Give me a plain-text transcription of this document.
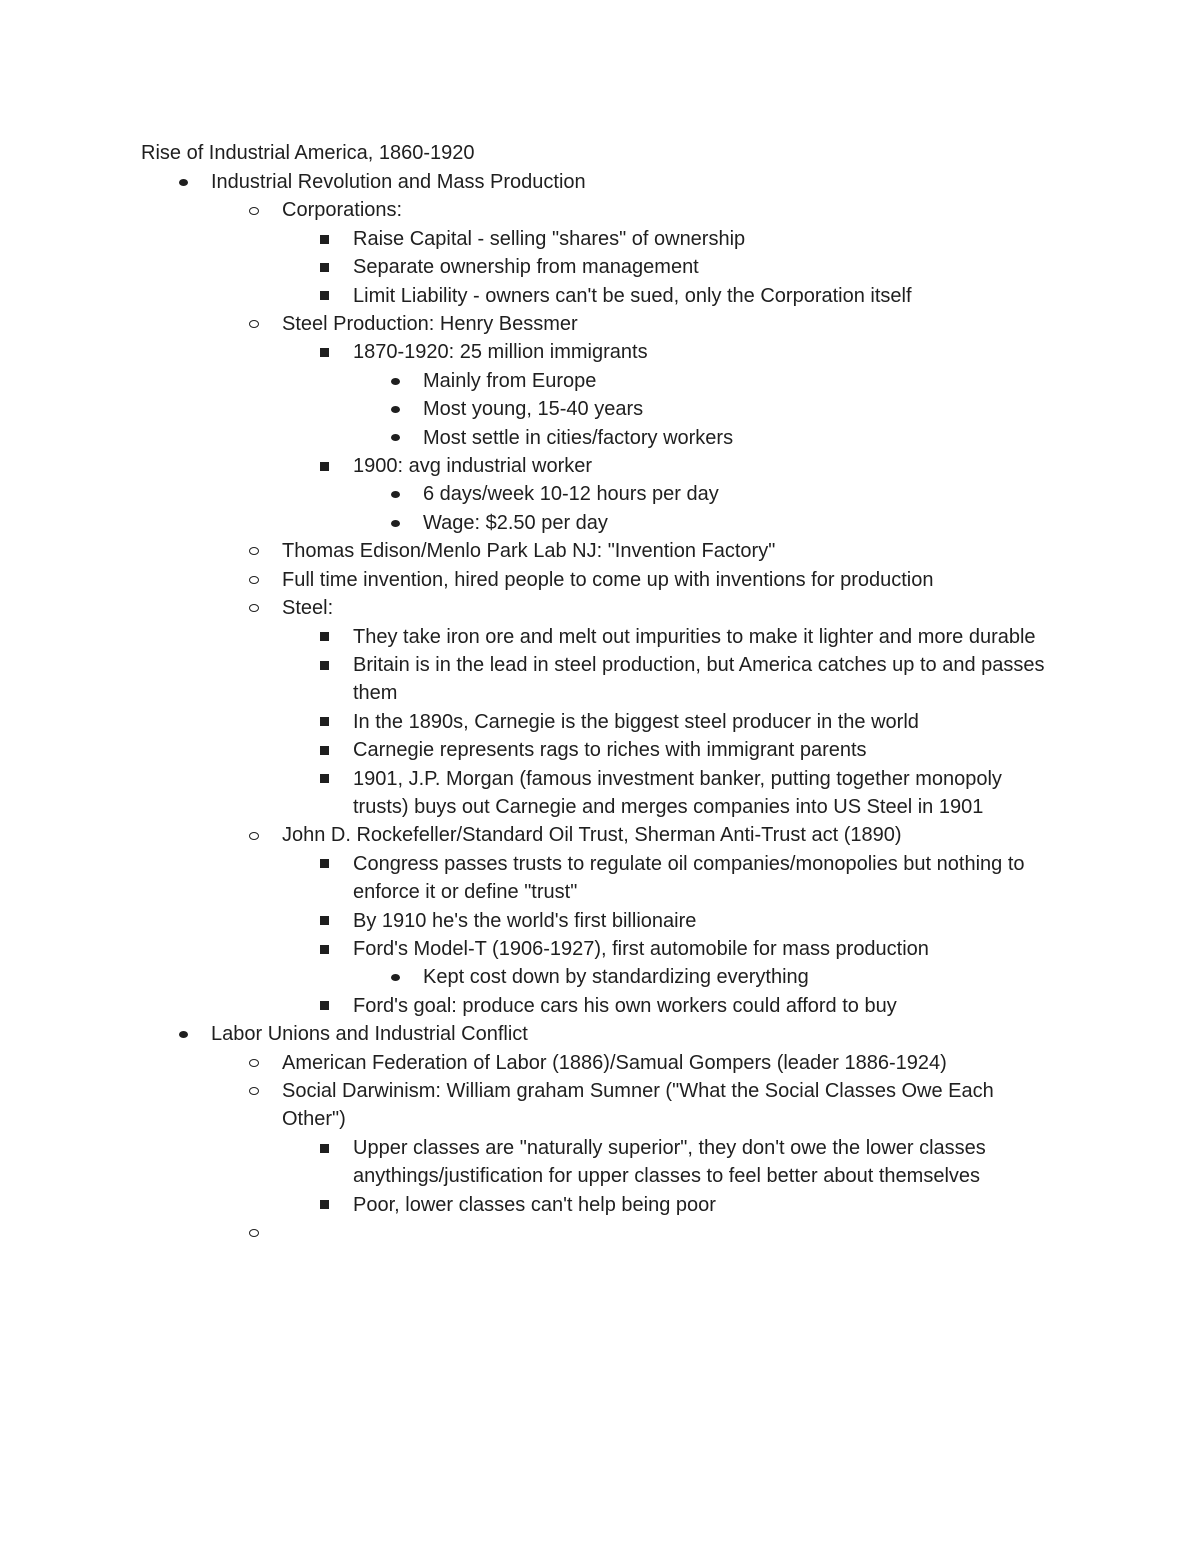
Rise of Industrial America, 1860-1920
Industrial Revolution and Mass Production
Corporations:
Raise Capital - selling "shares" of ownership
Separate ownership from management
Limit Liability - owners can't be sued, only the Corporation itself
Steel Production: Henry Bessmer
1870-1920: 25 million immigrants
Mainly from Europe
Most young, 15-40 years
Most settle in cities/factory workers
1900: avg industrial worker
6 days/week 10-12 hours per day
Wage: $2.50 per day
Thomas Edison/Menlo Park Lab NJ: "Invention Factory"
Full time invention, hired people to come up with inventions for production
Steel:
They take iron ore and melt out impurities to make it lighter and more durable
Britain is in the lead in steel production, but America catches up to and passes them
In the 1890s, Carnegie is the biggest steel producer in the world
Carnegie represents rags to riches with immigrant parents
1901, J.P. Morgan (famous investment banker, putting together monopoly trusts) buys out Carnegie and merges companies into US Steel in 1901
John D. Rockefeller/Standard Oil Trust, Sherman Anti-Trust act (1890)
Congress passes trusts to regulate oil companies/monopolies but nothing to enforce it or define "trust"
By 1910 he's the world's first billionaire
Ford's Model-T (1906-1927), first automobile for mass production
Kept cost down by standardizing everything
Ford's goal: produce cars his own workers could afford to buy
Labor Unions and Industrial Conflict
American Federation of Labor (1886)/Samual Gompers (leader 1886-1924)
Social Darwinism: William graham Sumner ("What the Social Classes Owe Each Other")
Upper classes are "naturally superior", they don't owe the lower classes anythings/justification for upper classes to feel better about themselves
Poor, lower classes can't help being poor
